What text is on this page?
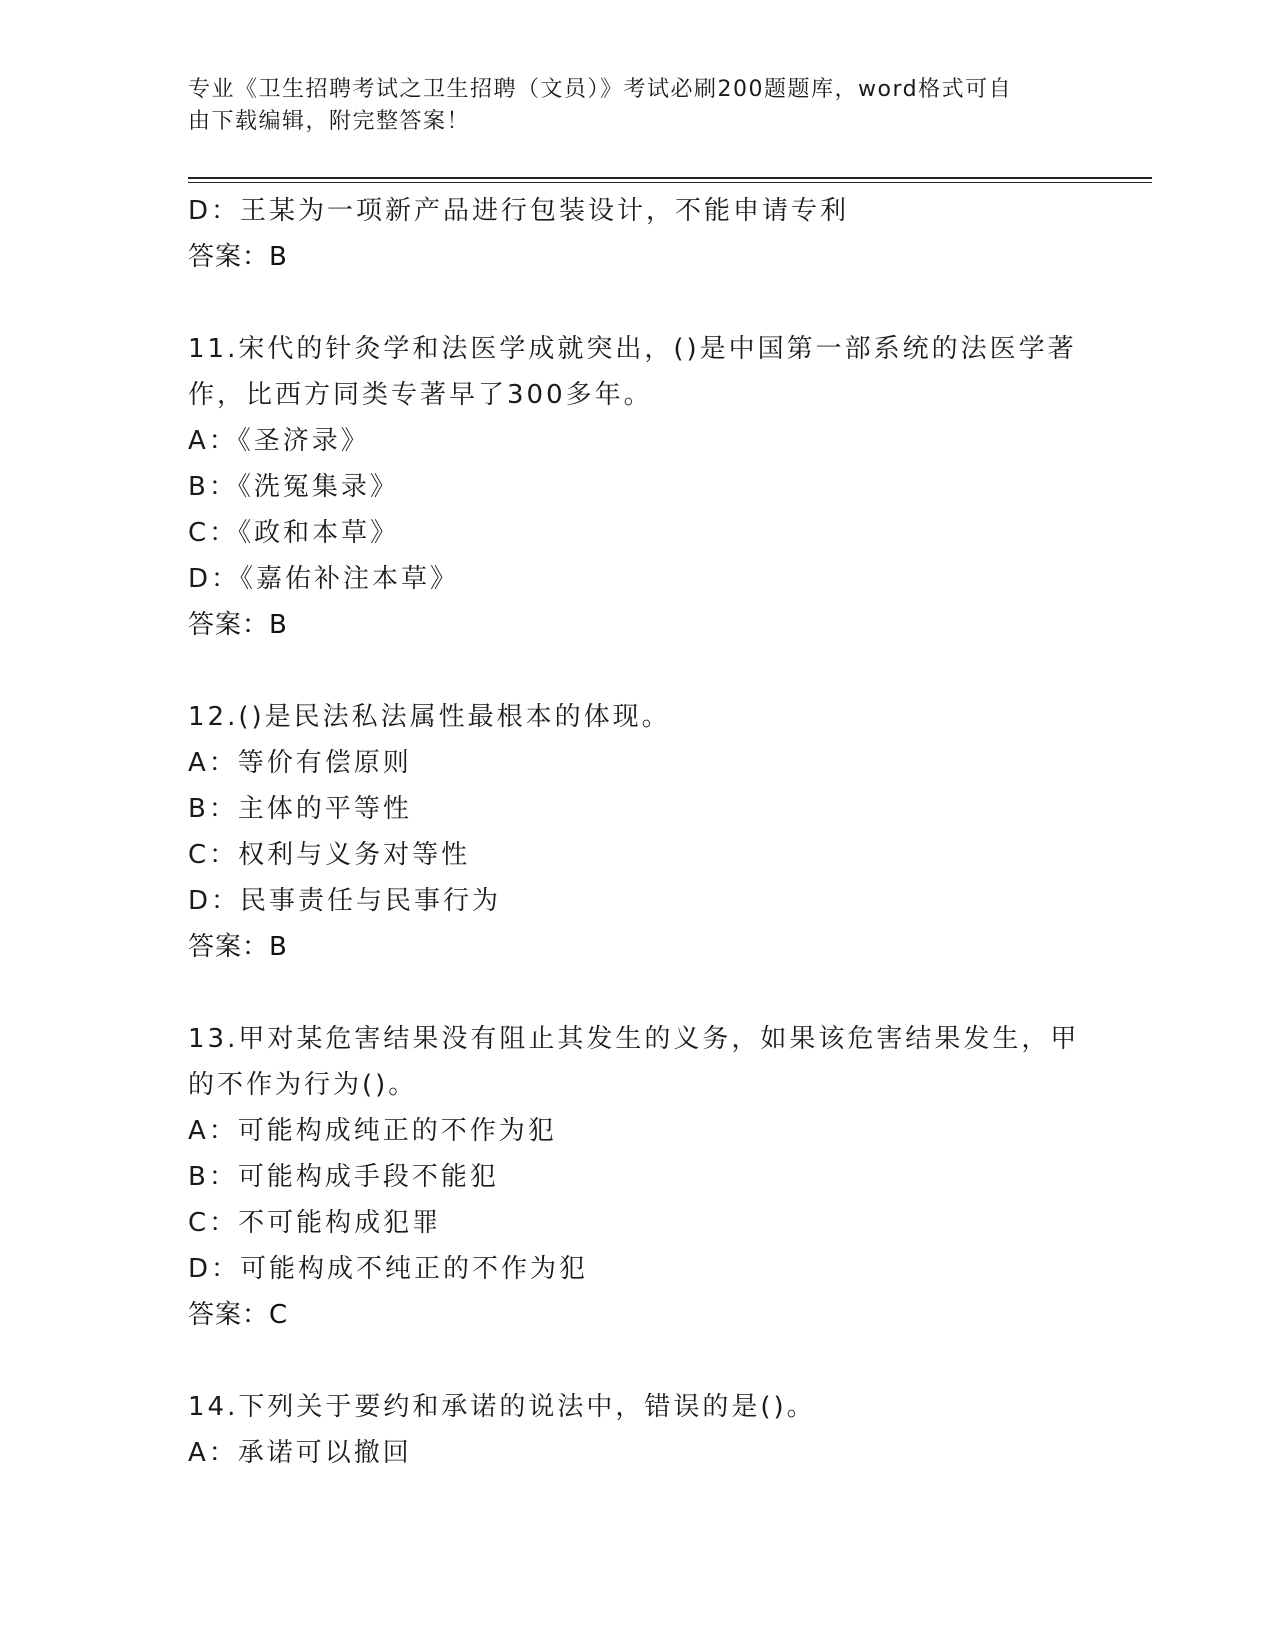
专业《卫生招聘考试之卫生招聘（文员）》考试必刷200题题库，word格式可自
由下载编辑，附完整答案！
D：王某为一项新产品进行包装设计，不能申请专利
答案：B
11.宋代的针灸学和法医学成就突出，()是中国第一部系统的法医学著
作，比西方同类专著早了300多年。
A：《圣济录》
B：《洗冤集录》
C：《政和本草》
D：《嘉佑补注本草》
答案：B
12.()是民法私法属性最根本的体现。
A：等价有偿原则
B：主体的平等性
C：权利与义务对等性
D：民事责任与民事行为
答案：B
13.甲对某危害结果没有阻止其发生的义务，如果该危害结果发生，甲
的不作为行为()。
A：可能构成纯正的不作为犯
B：可能构成手段不能犯
C：不可能构成犯罪
D：可能构成不纯正的不作为犯
答案：C
14.下列关于要约和承诺的说法中，错误的是()。
A：承诺可以撤回
